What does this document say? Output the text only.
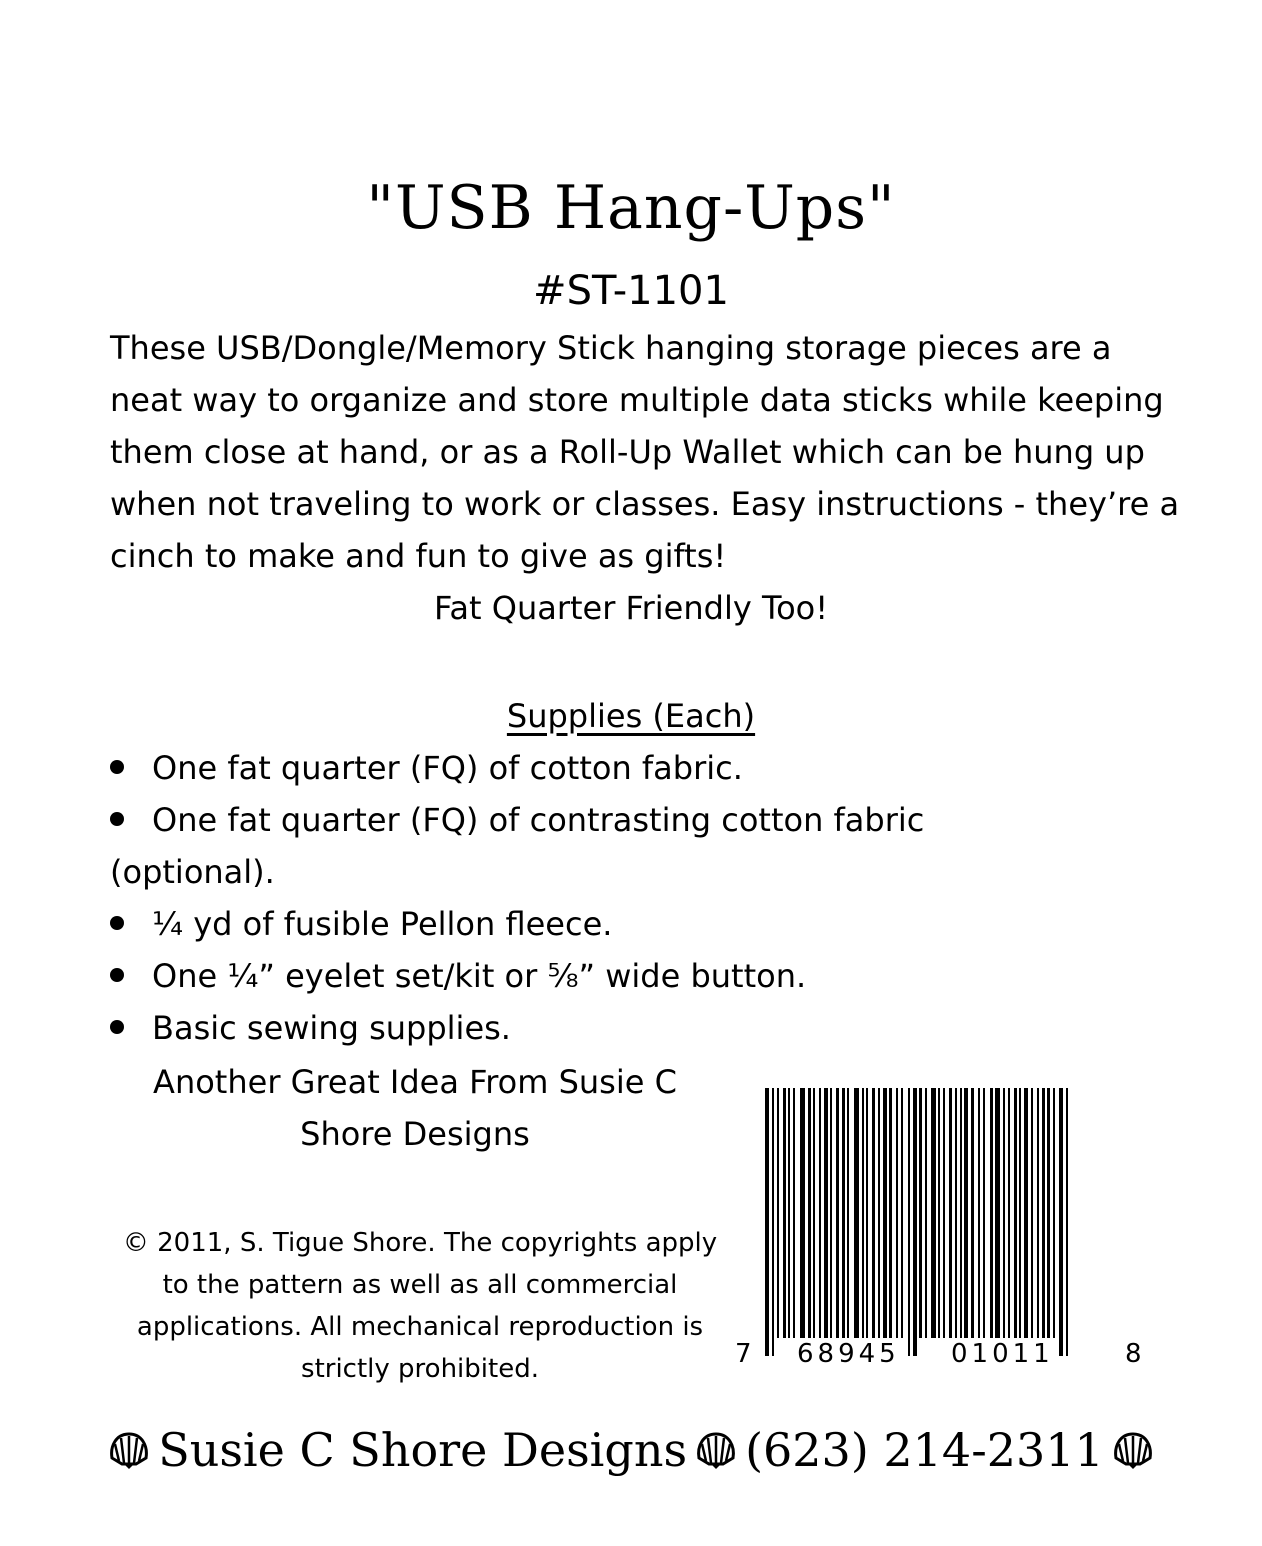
"USB Hang-Ups"
#ST-1101

These USB/Dongle/Memory Stick hanging storage pieces are a neat way to organize and store multiple data sticks while keeping them close at hand, or as a Roll-Up Wallet which can be hung up when not traveling to work or classes. Easy instructions - they’re a cinch to make and fun to give as gifts!

Fat Quarter Friendly Too!
Supplies (Each)
One fat quarter (FQ) of cotton fabric.
One fat quarter (FQ) of contrasting cotton fabric
(optional).
¼ yd of fusible Pellon fleece.
One ¼” eyelet set/kit or ⅝” wide button.
Basic sewing supplies.
Another Great Idea From Susie C Shore Designs
© 2011, S. Tigue Shore. The copyrights apply to the pattern as well as all commercial applications. All mechanical reproduction is strictly prohibited.	7 68945 01011	8
Susie C Shore Designs (623) 214-2311
